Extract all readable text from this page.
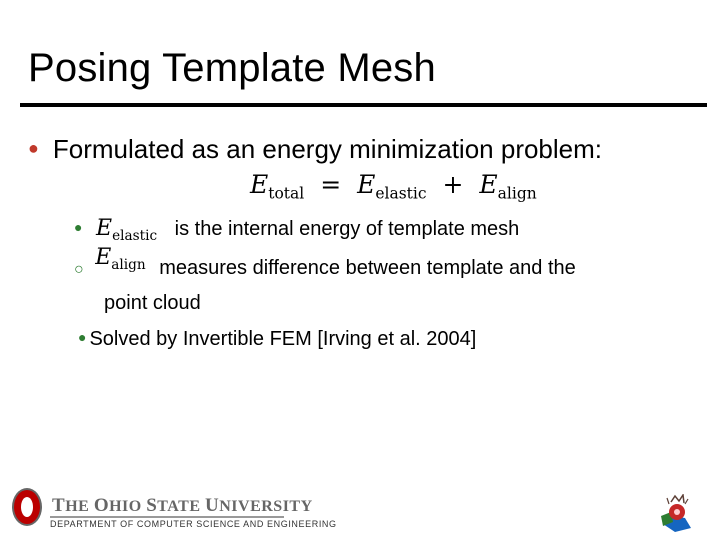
Posing Template Mesh
● Formulated as an energy minimization problem:
$E_{total} = E_{elastic} + E_{align}$
● $E_{elastic}$ is the internal energy of template mesh
○ $E_{align}$ measures difference between template and the
point cloud
● Solved by Invertible FEM [Irving et al. 2004]
THE OHIO STATE UNIVERSITY
DEPARTMENT OF COMPUTER SCIENCE AND ENGINEERING
